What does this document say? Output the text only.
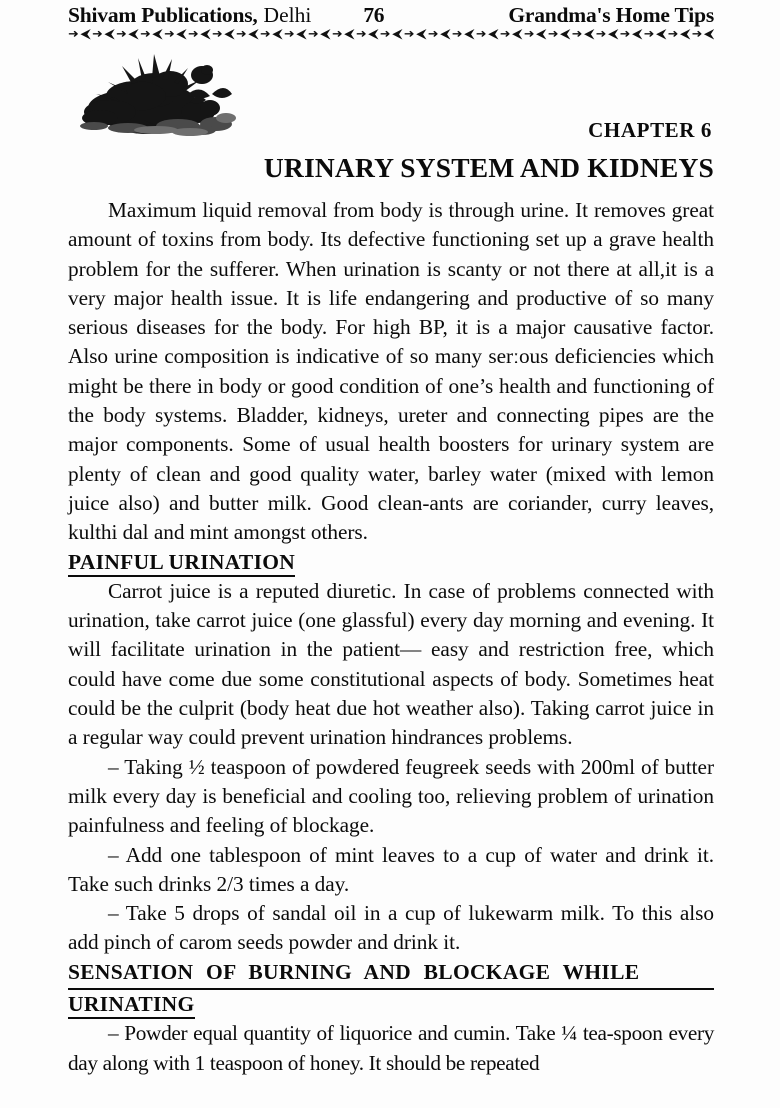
Shivam Publications, Delhi 76	Grandma's Home Tips
➜ ⮜ ➜ ⮜ ➜ ⮜ ➜ ⮜ ➜ ⮜ ➜ ⮜ ➜ ⮜ ➜ ⮜ ➜ ⮜ ➜ ⮜ ➜ ⮜ ➜ ⮜ ➜ ⮜ ➜ ⮜ ➜ ⮜ ➜ ⮜ ➜ ⮜ ➜ ⮜ ➜ ⮜ ➜ ⮜ ➜ ⮜ ➜ ⮜ ➜ ⮜ ➜ ⮜ ➜ ⮜ ➜ ⮜ ➜ ⮜
CHAPTER 6
URINARY SYSTEM AND KIDNEYS

Maximum liquid removal from body is through urine. It removes great amount of toxins from body. Its defective functioning set up a grave health problem for the sufferer. When urination is scanty or not there at all,it is a very major health issue. It is life endangering and productive of so many serious diseases for the body. For high BP, it is a major causative factor. Also urine composition is indicative of so many serːous deficiencies which might be there in body or good condition of one’s health and functioning of the body systems. Bladder, kidneys, ureter and connecting pipes are the major components. Some of usual health boosters for urinary system are plenty of clean and good quality water, barley water (mixed with lemon juice also) and butter milk. Good clean-ants are coriander, curry leaves, kulthi dal and mint amongst others.

PAINFUL URINATION

Carrot juice is a reputed diuretic. In case of problems connected with urination, take carrot juice (one glassful) every day morning and evening. It will facilitate urination in the patient— easy and restriction free, which could have come due some constitutional aspects of body. Sometimes heat could be the culprit (body heat due hot weather also). Taking carrot juice in a regular way could prevent urination hindrances problems.

– Taking ½ teaspoon of powdered feugreek seeds with 200ml of butter milk every day is beneficial and cooling too, relieving problem of urination painfulness and feeling of blockage.

– Add one tablespoon of mint leaves to a cup of water and drink it. Take such drinks 2/3 times a day.

– Take 5 drops of sandal oil in a cup of lukewarm milk. To this also add pinch of carom seeds powder and drink it.

SENSATION OF BURNING AND BLOCKAGE WHILE
URINATING

– Powder equal quantity of liquorice and cumin. Take ¼ tea-spoon every day along with 1 teaspoon of honey. It should be repeated
